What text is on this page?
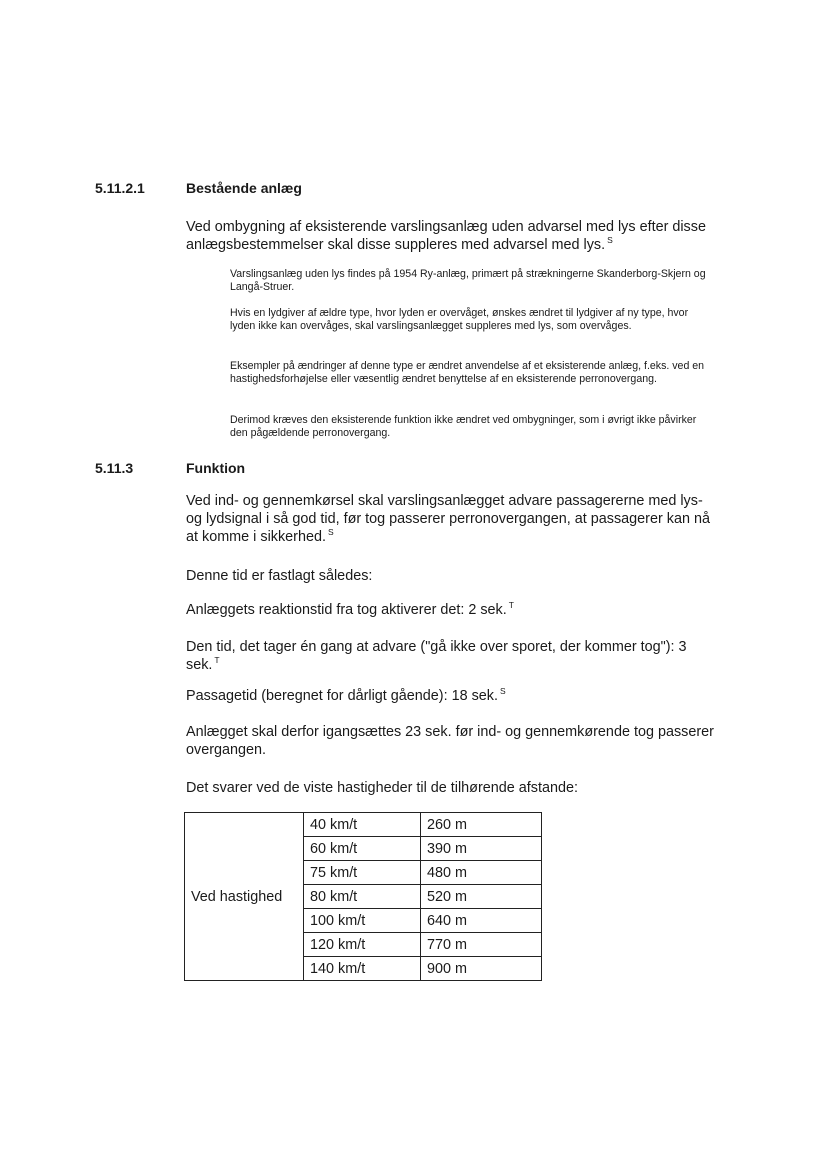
5.11.2.1	Bestående anlæg

Ved ombygning af eksisterende varslingsanlæg uden advarsel med lys efter disse anlægsbestemmelser skal disse suppleres med advarsel med lys. $^S$

Varslingsanlæg uden lys findes på 1954 Ry-anlæg, primært på strækningerne Skanderborg-Skjern og Langå-Struer.

Hvis en lydgiver af ældre type, hvor lyden er overvåget, ønskes ændret til lydgiver af ny type, hvor lyden ikke kan overvåges, skal varslingsanlægget suppleres med lys, som overvåges.

Eksempler på ændringer af denne type er ændret anvendelse af et eksisterende anlæg, f.eks. ved en hastighedsforhøjelse eller væsentlig ændret benyttelse af en eksisterende perronovergang.

Derimod kræves den eksisterende funktion ikke ændret ved ombygninger, som i øvrigt ikke påvirker den pågældende perronovergang.

5.11.3	Funktion

Ved ind- og gennemkørsel skal varslingsanlægget advare passagererne med lys- og lydsignal i så god tid, før tog passerer perronovergangen, at passagerer kan nå at komme i sikkerhed. $^S$

Denne tid er fastlagt således:

Anlæggets reaktionstid fra tog aktiverer det: 2 sek. $^T$

Den tid, det tager én gang at advare ("gå ikke over sporet, der kommer tog"): 3 sek. $^T$

Passagetid (beregnet for dårligt gående): 18 sek. $^S$

Anlægget skal derfor igangsættes 23 sek. før ind- og gennemkørende tog passerer overgangen.

Det svarer ved de viste hastigheder til de tilhørende afstande:

Ved hastighed	40 km/t	260 m
	60 km/t	390 m
	75 km/t	480 m
	80 km/t	520 m
	100 km/t	640 m
	120 km/t	770 m
	140 km/t	900 m
